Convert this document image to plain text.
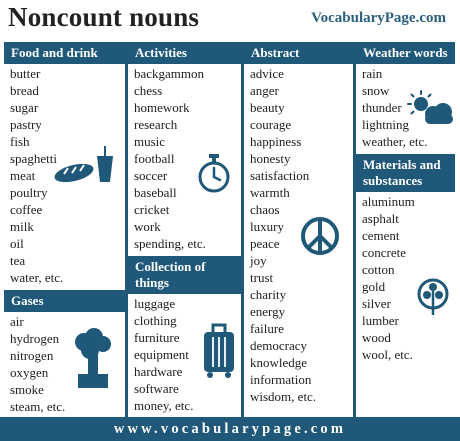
Noncount nouns	VocabularyPage.com
Food and drink
butter
bread
sugar
pastry
fish
spaghetti
meat
poultry
coffee
milk
oil
tea
water, etc.
Gases
air
hydrogen
nitrogen
oxygen
smoke
steam, etc.
Activities
backgammon
chess
homework
research
music
football
soccer
baseball
cricket
work
spending, etc.
Collection of things
luggage
clothing
furniture
equipment
hardware
software
money, etc.
Abstract
advice
anger
beauty
courage
happiness
honesty
satisfaction
warmth
chaos
luxury
peace
joy
trust
charity
energy
failure
democracy
knowledge
information
wisdom, etc.
Weather words
rain
snow
thunder
lightning
weather, etc.
Materials and substances
aluminum
asphalt
cement
concrete
cotton
gold
silver
lumber
wood
wool, etc.
www.vocabularypage.com
